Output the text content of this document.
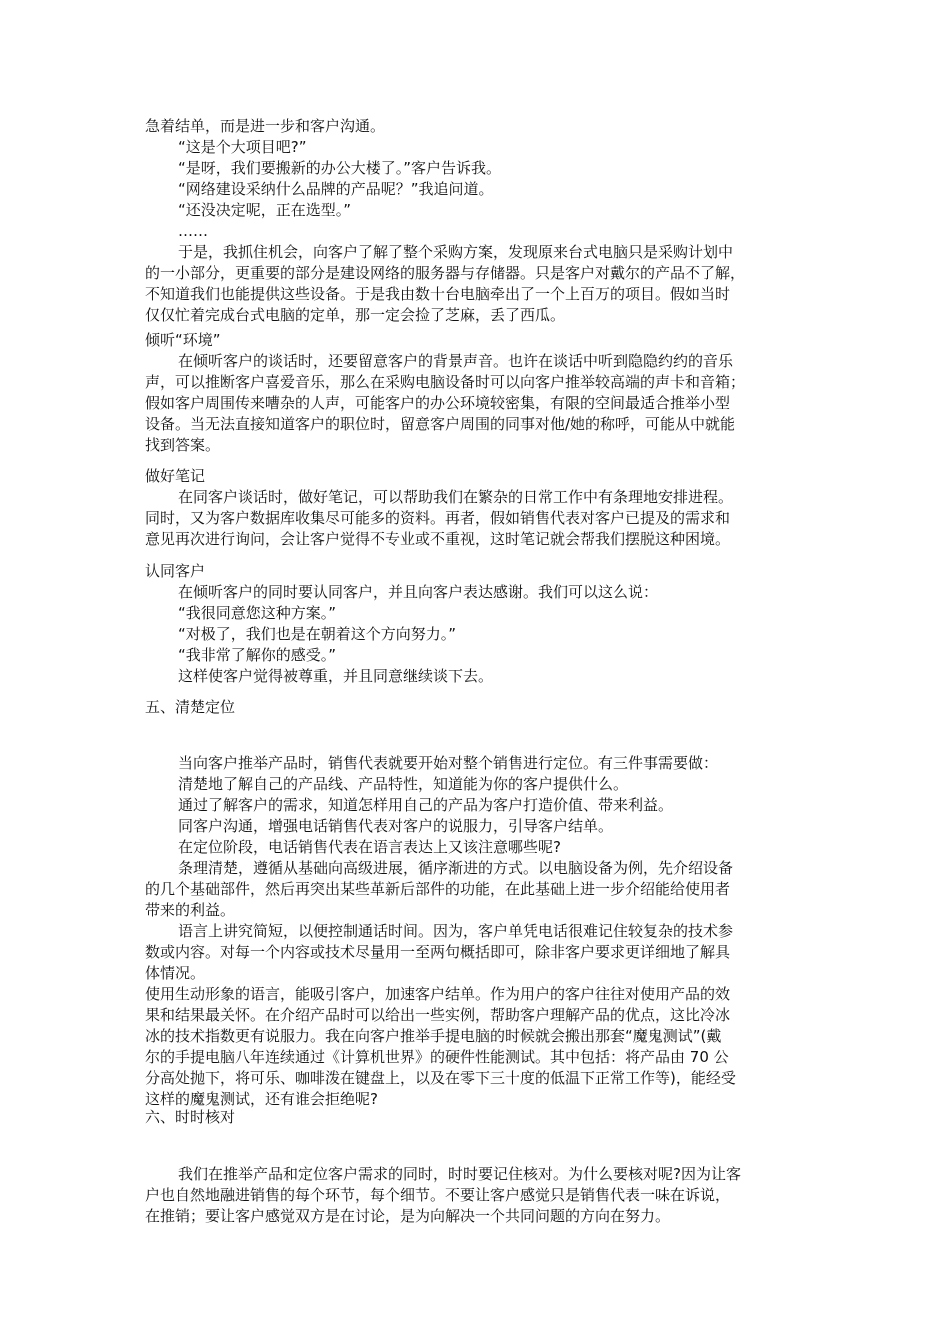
急着结单，而是进一步和客户沟通。
“这是个大项目吧?”
“是呀，我们要搬新的办公大楼了。”客户告诉我。
“网络建设采纳什么品牌的产品呢？”我追问道。
“还没决定呢，正在选型。”
……
于是，我抓住机会，向客户了解了整个采购方案，发现原来台式电脑只是采购计划中
的一小部分，更重要的部分是建设网络的服务器与存储器。只是客户对戴尔的产品不了解，
不知道我们也能提供这些设备。于是我由数十台电脑牵出了一个上百万的项目。假如当时
仅仅忙着完成台式电脑的定单，那一定会捡了芝麻，丢了西瓜。
倾听“环境”
在倾听客户的谈话时，还要留意客户的背景声音。也许在谈话中听到隐隐约约的音乐
声，可以推断客户喜爱音乐，那么在采购电脑设备时可以向客户推举较高端的声卡和音箱；
假如客户周围传来嘈杂的人声，可能客户的办公环境较密集，有限的空间最适合推举小型
设备。当无法直接知道客户的职位时，留意客户周围的同事对他/她的称呼，可能从中就能
找到答案。
做好笔记
在同客户谈话时，做好笔记，可以帮助我们在繁杂的日常工作中有条理地安排进程。
同时，又为客户数据库收集尽可能多的资料。再者，假如销售代表对客户已提及的需求和
意见再次进行询问，会让客户觉得不专业或不重视，这时笔记就会帮我们摆脱这种困境。
认同客户
在倾听客户的同时要认同客户，并且向客户表达感谢。我们可以这么说：
“我很同意您这种方案。”
“对极了，我们也是在朝着这个方向努力。”
“我非常了解你的感受。”
这样使客户觉得被尊重，并且同意继续谈下去。
五、清楚定位
当向客户推举产品时，销售代表就要开始对整个销售进行定位。有三件事需要做：
清楚地了解自己的产品线、产品特性，知道能为你的客户提供什么。
通过了解客户的需求，知道怎样用自己的产品为客户打造价值、带来利益。
同客户沟通，增强电话销售代表对客户的说服力，引导客户结单。
在定位阶段，电话销售代表在语言表达上又该注意哪些呢?
条理清楚，遵循从基础向高级进展，循序渐进的方式。以电脑设备为例，先介绍设备
的几个基础部件，然后再突出某些革新后部件的功能，在此基础上进一步介绍能给使用者
带来的利益。
语言上讲究简短，以便控制通话时间。因为，客户单凭电话很难记住较复杂的技术参
数或内容。对每一个内容或技术尽量用一至两句概括即可，除非客户要求更详细地了解具
体情况。
使用生动形象的语言，能吸引客户，加速客户结单。作为用户的客户往往对使用产品的效
果和结果最关怀。在介绍产品时可以给出一些实例，帮助客户理解产品的优点，这比冷冰
冰的技术指数更有说服力。我在向客户推举手提电脑的时候就会搬出那套“魔鬼测试”(戴
尔的手提电脑八年连续通过《计算机世界》的硬件性能测试。其中包括：将产品由 70 公
分高处抛下，将可乐、咖啡泼在键盘上，以及在零下三十度的低温下正常工作等)，能经受
这样的魔鬼测试，还有谁会拒绝呢?
六、时时核对
我们在推举产品和定位客户需求的同时，时时要记住核对。为什么要核对呢?因为让客
户也自然地融进销售的每个环节，每个细节。不要让客户感觉只是销售代表一味在诉说，
在推销；要让客户感觉双方是在讨论，是为向解决一个共同问题的方向在努力。
